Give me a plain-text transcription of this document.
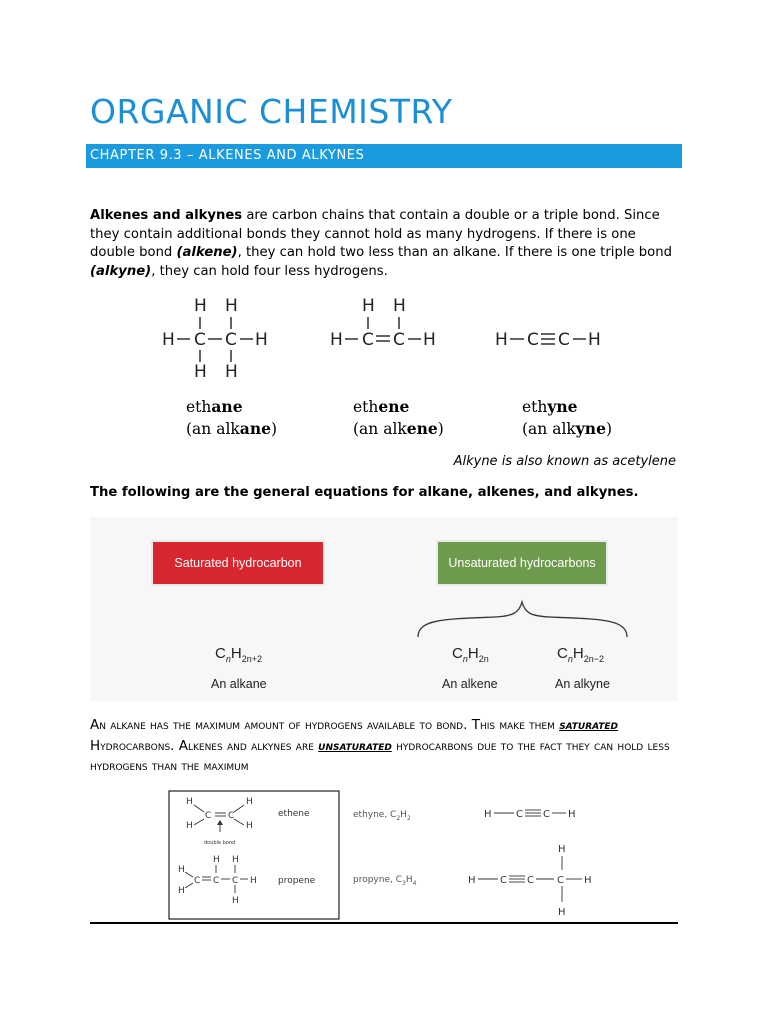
ORGANIC CHEMISTRY
CHAPTER 9.3 – ALKENES AND ALKYNES
Alkenes and alkynes are carbon chains that contain a double or a triple bond. Since they contain additional bonds they cannot hold as many hydrogens. If there is one double bond (alkene), they can hold two less than an alkane. If there is one triple bond (alkyne), they can hold four less hydrogens.
H H
H C C H
H H
H H
H C C H	H C C H
ethane
(an alkane)
ethene
(an alkene)
ethyne
(an alkyne)
Alkyne is also known as acetylene
The following are the general equations for alkane, alkenes, and alkynes.
Saturated hydrocarbon	Unsaturated hydrocarbons
$C_nH_{2n+2}$
An alkane
$C_nH_{2n}$
An alkene
$C_nH_{2n-2}$
An alkyne
An alkane has the maximum amount of hydrogens available to bond. This make them saturated Hydrocarbons. Alkenes and alkynes are unsaturated hydrocarbons due to the fact they can hold less hydrogens than the maximum
H	H
C C
H	H
double bond
ethene
H H
H
C C C H
H
H
propene
ethyne, $C_2H_2$
propyne, $C_3H_4$
H C C H
H
H C C C H
H
